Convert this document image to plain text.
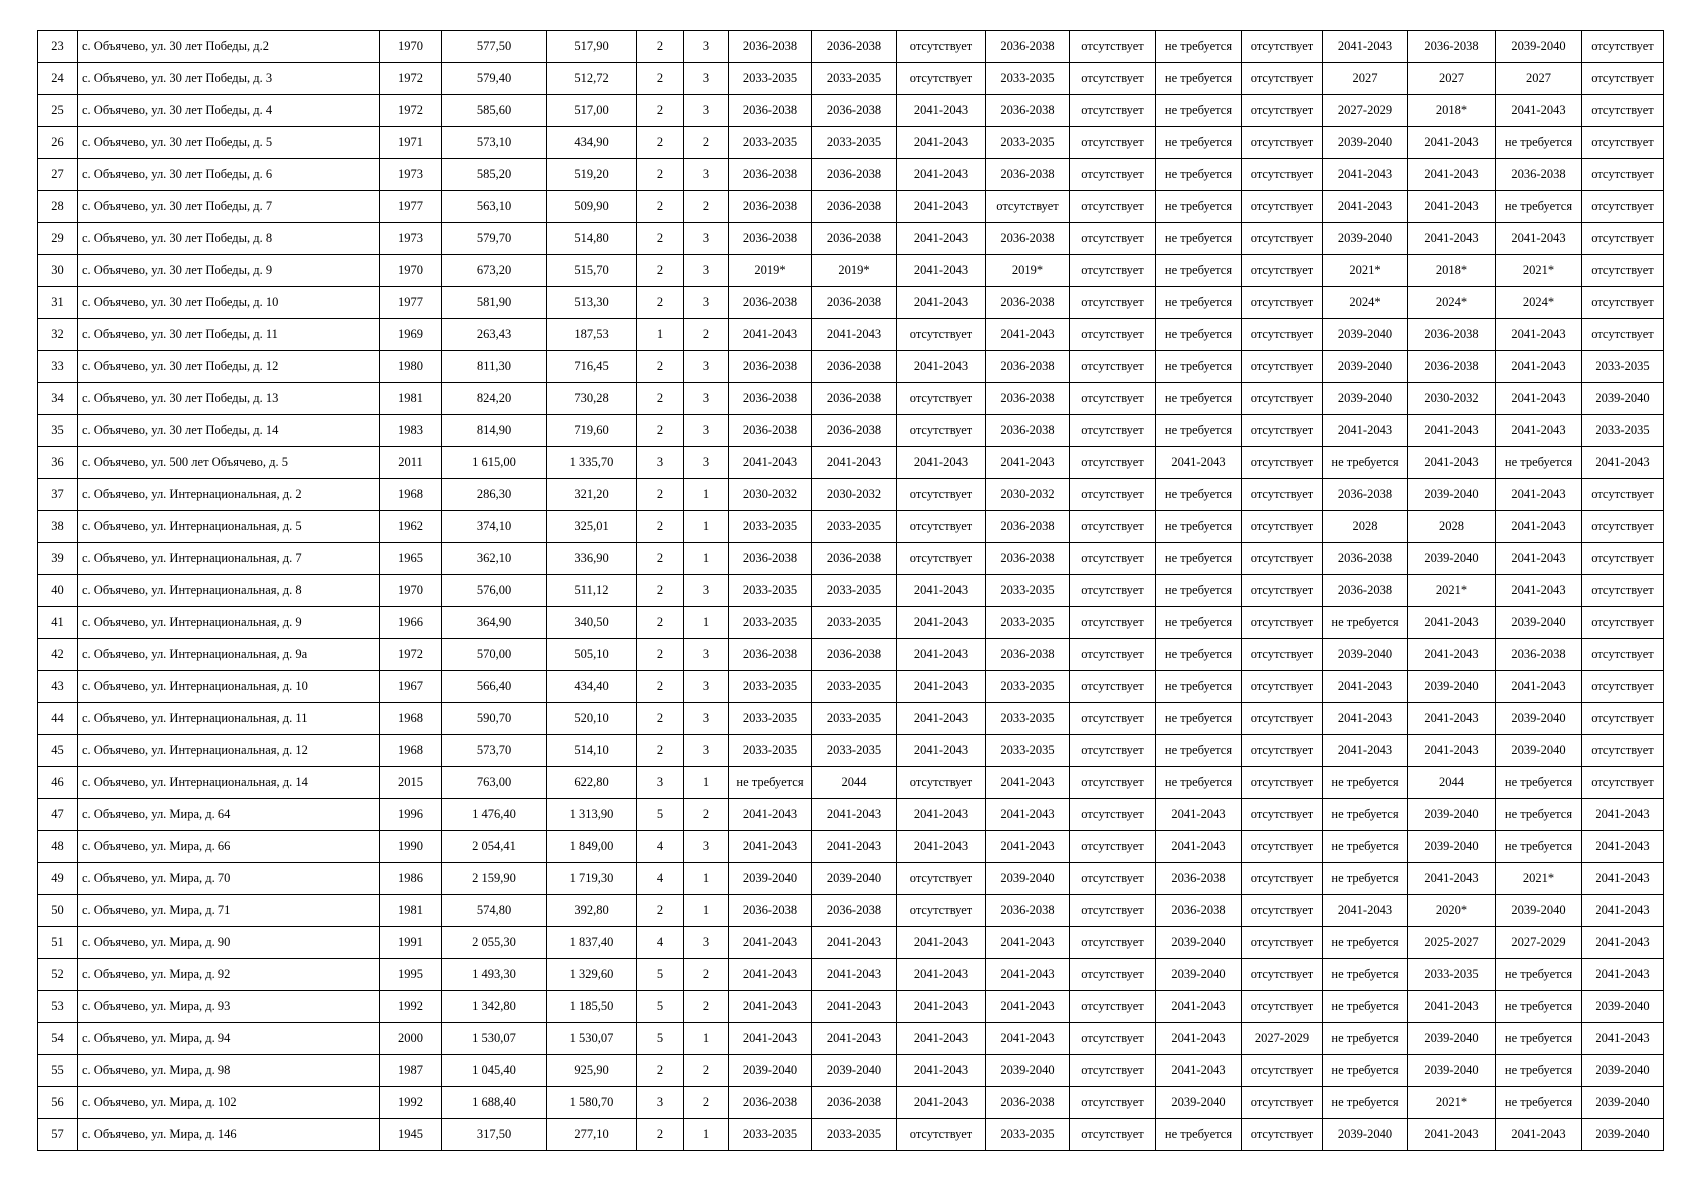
23	с. Объячево, ул. 30 лет Победы, д.2	1970	577,50	517,90	2	3	2036-2038	2036-2038	отсутствует	2036-2038	отсутствует	не требуется	отсутствует	2041-2043	2036-2038	2039-2040	отсутствует
24	с. Объячево, ул. 30 лет Победы, д. 3	1972	579,40	512,72	2	3	2033-2035	2033-2035	отсутствует	2033-2035	отсутствует	не требуется	отсутствует	2027	2027	2027	отсутствует
25	с. Объячево, ул. 30 лет Победы, д. 4	1972	585,60	517,00	2	3	2036-2038	2036-2038	2041-2043	2036-2038	отсутствует	не требуется	отсутствует	2027-2029	2018*	2041-2043	отсутствует
26	с. Объячево, ул. 30 лет Победы, д. 5	1971	573,10	434,90	2	2	2033-2035	2033-2035	2041-2043	2033-2035	отсутствует	не требуется	отсутствует	2039-2040	2041-2043	не требуется	отсутствует
27	с. Объячево, ул. 30 лет Победы, д. 6	1973	585,20	519,20	2	3	2036-2038	2036-2038	2041-2043	2036-2038	отсутствует	не требуется	отсутствует	2041-2043	2041-2043	2036-2038	отсутствует
28	с. Объячево, ул. 30 лет Победы, д. 7	1977	563,10	509,90	2	2	2036-2038	2036-2038	2041-2043	отсутствует	отсутствует	не требуется	отсутствует	2041-2043	2041-2043	не требуется	отсутствует
29	с. Объячево, ул. 30 лет Победы, д. 8	1973	579,70	514,80	2	3	2036-2038	2036-2038	2041-2043	2036-2038	отсутствует	не требуется	отсутствует	2039-2040	2041-2043	2041-2043	отсутствует
30	с. Объячево, ул. 30 лет Победы, д. 9	1970	673,20	515,70	2	3	2019*	2019*	2041-2043	2019*	отсутствует	не требуется	отсутствует	2021*	2018*	2021*	отсутствует
31	с. Объячево, ул. 30 лет Победы, д. 10	1977	581,90	513,30	2	3	2036-2038	2036-2038	2041-2043	2036-2038	отсутствует	не требуется	отсутствует	2024*	2024*	2024*	отсутствует
32	с. Объячево, ул. 30 лет Победы, д. 11	1969	263,43	187,53	1	2	2041-2043	2041-2043	отсутствует	2041-2043	отсутствует	не требуется	отсутствует	2039-2040	2036-2038	2041-2043	отсутствует
33	с. Объячево, ул. 30 лет Победы, д. 12	1980	811,30	716,45	2	3	2036-2038	2036-2038	2041-2043	2036-2038	отсутствует	не требуется	отсутствует	2039-2040	2036-2038	2041-2043	2033-2035
34	с. Объячево, ул. 30 лет Победы, д. 13	1981	824,20	730,28	2	3	2036-2038	2036-2038	отсутствует	2036-2038	отсутствует	не требуется	отсутствует	2039-2040	2030-2032	2041-2043	2039-2040
35	с. Объячево, ул. 30 лет Победы, д. 14	1983	814,90	719,60	2	3	2036-2038	2036-2038	отсутствует	2036-2038	отсутствует	не требуется	отсутствует	2041-2043	2041-2043	2041-2043	2033-2035
36	с. Объячево, ул. 500 лет Объячево, д. 5	2011	1 615,00	1 335,70	3	3	2041-2043	2041-2043	2041-2043	2041-2043	отсутствует	2041-2043	отсутствует	не требуется	2041-2043	не требуется	2041-2043
37	с. Объячево, ул. Интернациональная, д. 2	1968	286,30	321,20	2	1	2030-2032	2030-2032	отсутствует	2030-2032	отсутствует	не требуется	отсутствует	2036-2038	2039-2040	2041-2043	отсутствует
38	с. Объячево, ул. Интернациональная, д. 5	1962	374,10	325,01	2	1	2033-2035	2033-2035	отсутствует	2036-2038	отсутствует	не требуется	отсутствует	2028	2028	2041-2043	отсутствует
39	с. Объячево, ул. Интернациональная, д. 7	1965	362,10	336,90	2	1	2036-2038	2036-2038	отсутствует	2036-2038	отсутствует	не требуется	отсутствует	2036-2038	2039-2040	2041-2043	отсутствует
40	с. Объячево, ул. Интернациональная, д. 8	1970	576,00	511,12	2	3	2033-2035	2033-2035	2041-2043	2033-2035	отсутствует	не требуется	отсутствует	2036-2038	2021*	2041-2043	отсутствует
41	с. Объячево, ул. Интернациональная, д. 9	1966	364,90	340,50	2	1	2033-2035	2033-2035	2041-2043	2033-2035	отсутствует	не требуется	отсутствует	не требуется	2041-2043	2039-2040	отсутствует
42	с. Объячево, ул. Интернациональная, д. 9а	1972	570,00	505,10	2	3	2036-2038	2036-2038	2041-2043	2036-2038	отсутствует	не требуется	отсутствует	2039-2040	2041-2043	2036-2038	отсутствует
43	с. Объячево, ул. Интернациональная, д. 10	1967	566,40	434,40	2	3	2033-2035	2033-2035	2041-2043	2033-2035	отсутствует	не требуется	отсутствует	2041-2043	2039-2040	2041-2043	отсутствует
44	с. Объячево, ул. Интернациональная, д. 11	1968	590,70	520,10	2	3	2033-2035	2033-2035	2041-2043	2033-2035	отсутствует	не требуется	отсутствует	2041-2043	2041-2043	2039-2040	отсутствует
45	с. Объячево, ул. Интернациональная, д. 12	1968	573,70	514,10	2	3	2033-2035	2033-2035	2041-2043	2033-2035	отсутствует	не требуется	отсутствует	2041-2043	2041-2043	2039-2040	отсутствует
46	с. Объячево, ул. Интернациональная, д. 14	2015	763,00	622,80	3	1	не требуется	2044	отсутствует	2041-2043	отсутствует	не требуется	отсутствует	не требуется	2044	не требуется	отсутствует
47	с. Объячево, ул. Мира, д. 64	1996	1 476,40	1 313,90	5	2	2041-2043	2041-2043	2041-2043	2041-2043	отсутствует	2041-2043	отсутствует	не требуется	2039-2040	не требуется	2041-2043
48	с. Объячево, ул. Мира, д. 66	1990	2 054,41	1 849,00	4	3	2041-2043	2041-2043	2041-2043	2041-2043	отсутствует	2041-2043	отсутствует	не требуется	2039-2040	не требуется	2041-2043
49	с. Объячево, ул. Мира, д. 70	1986	2 159,90	1 719,30	4	1	2039-2040	2039-2040	отсутствует	2039-2040	отсутствует	2036-2038	отсутствует	не требуется	2041-2043	2021*	2041-2043
50	с. Объячево, ул. Мира, д. 71	1981	574,80	392,80	2	1	2036-2038	2036-2038	отсутствует	2036-2038	отсутствует	2036-2038	отсутствует	2041-2043	2020*	2039-2040	2041-2043
51	с. Объячево, ул. Мира, д. 90	1991	2 055,30	1 837,40	4	3	2041-2043	2041-2043	2041-2043	2041-2043	отсутствует	2039-2040	отсутствует	не требуется	2025-2027	2027-2029	2041-2043
52	с. Объячево, ул. Мира, д. 92	1995	1 493,30	1 329,60	5	2	2041-2043	2041-2043	2041-2043	2041-2043	отсутствует	2039-2040	отсутствует	не требуется	2033-2035	не требуется	2041-2043
53	с. Объячево, ул. Мира, д. 93	1992	1 342,80	1 185,50	5	2	2041-2043	2041-2043	2041-2043	2041-2043	отсутствует	2041-2043	отсутствует	не требуется	2041-2043	не требуется	2039-2040
54	с. Объячево, ул. Мира, д. 94	2000	1 530,07	1 530,07	5	1	2041-2043	2041-2043	2041-2043	2041-2043	отсутствует	2041-2043	2027-2029	не требуется	2039-2040	не требуется	2041-2043
55	с. Объячево, ул. Мира, д. 98	1987	1 045,40	925,90	2	2	2039-2040	2039-2040	2041-2043	2039-2040	отсутствует	2041-2043	отсутствует	не требуется	2039-2040	не требуется	2039-2040
56	с. Объячево, ул. Мира, д. 102	1992	1 688,40	1 580,70	3	2	2036-2038	2036-2038	2041-2043	2036-2038	отсутствует	2039-2040	отсутствует	не требуется	2021*	не требуется	2039-2040
57	с. Объячево, ул. Мира, д. 146	1945	317,50	277,10	2	1	2033-2035	2033-2035	отсутствует	2033-2035	отсутствует	не требуется	отсутствует	2039-2040	2041-2043	2041-2043	2039-2040
